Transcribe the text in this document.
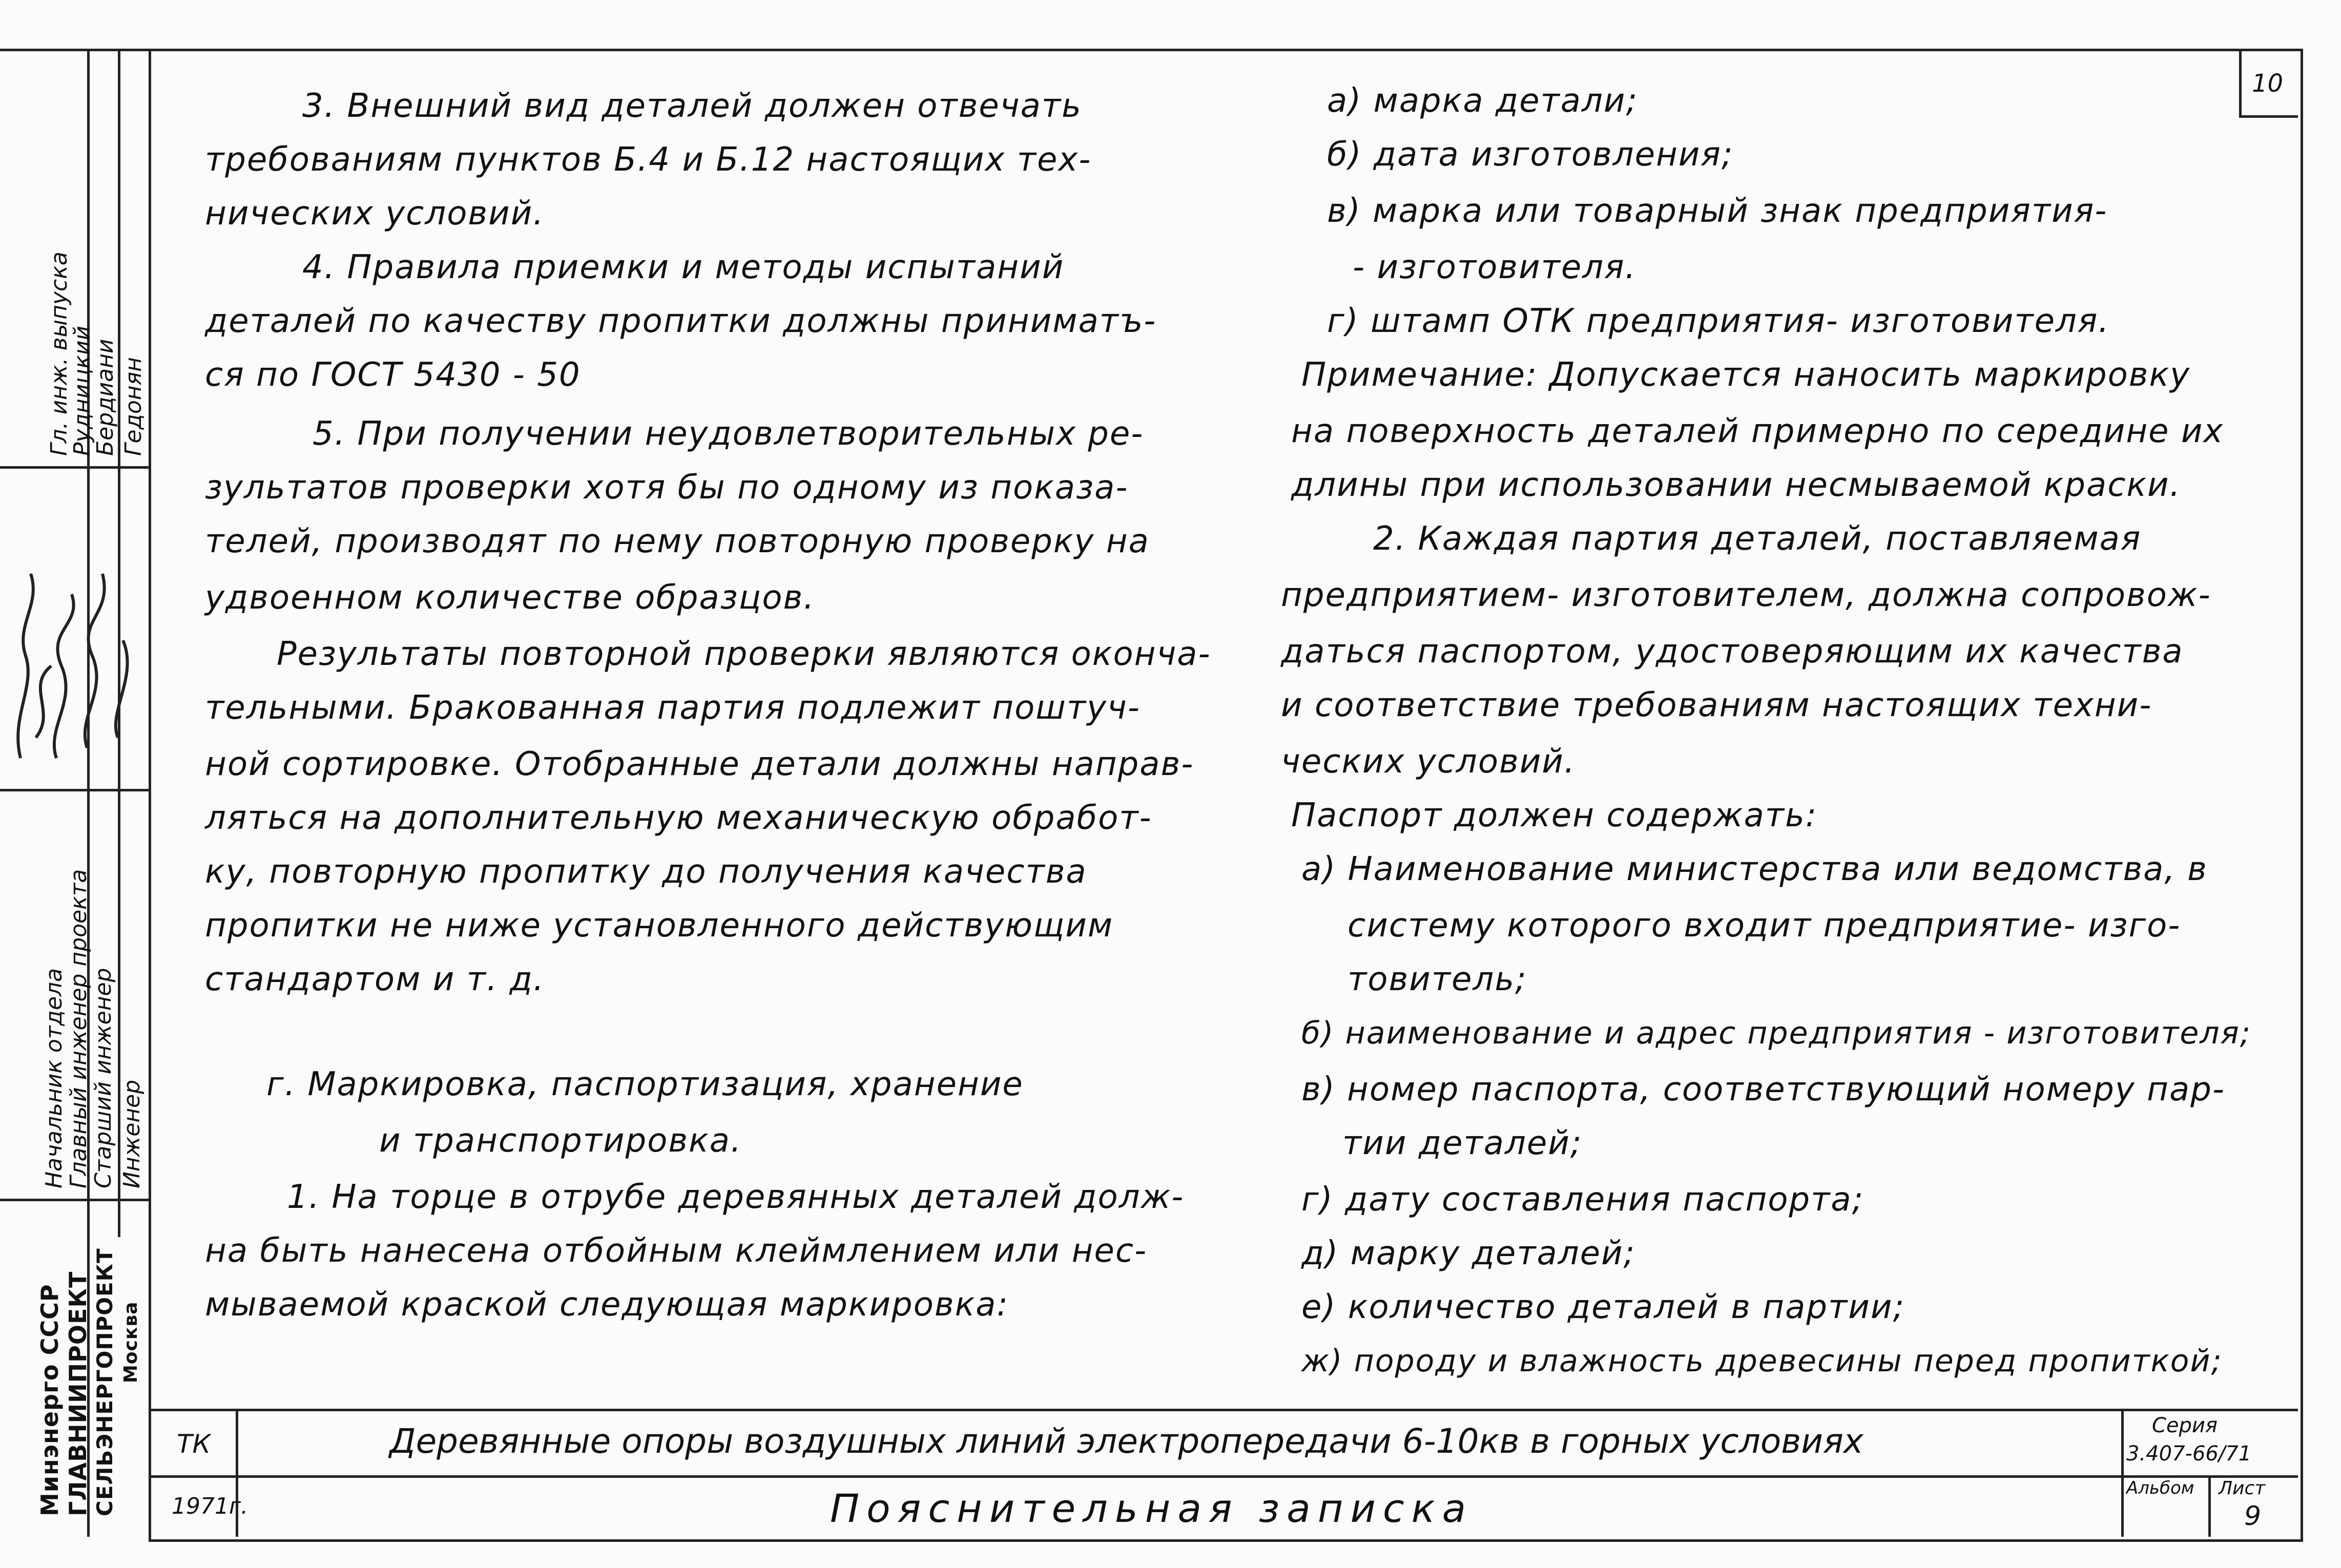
Гл. инж. выпуска
Рудницкий
Бердиани Гедонян
Начальник отдела
Главный инженер проекта
Старший инженер Инженер
Минэнерго СССР ГЛАВНИИПРОЕКТ СЕЛЬЭНЕРГОПРОЕКТ Москва
10
3. Внешний вид деталей должен отвечать
требованиям пунктов Б.4 и Б.12 настоящих тех-
нических условий.
4. Правила приемки и методы испытаний
деталей по качеству пропитки должны приниматъ-
ся по ГОСТ 5430 - 50
5. При получении неудовлетворительных ре-
зультатов проверки хотя бы по одному из показа-
телей, производят по нему повторную проверку на
удвоенном количестве образцов.
Результаты повторной проверки являются оконча-
тельными. Бракованная партия подлежит поштуч-
ной сортировке. Отобранные детали должны направ-
ляться на дополнительную механическую обработ-
ку, повторную пропитку до получения качества
пропитки не ниже установленного действующим
стандартом и т. д.
г. Маркировка, паспортизация, хранение
и транспортировка.
1. На торце в отрубе деревянных деталей долж-
на быть нанесена отбойным клеймлением или нес-
мываемой краской следующая маркировка:
а) марка детали;
б) дата изготовления;
в) марка или товарный знак предприятия-
- изготовителя.
г) штамп ОТК предприятия- изготовителя.
Примечание: Допускается наносить маркировку
на поверхность деталей примерно по середине их
длины при использовании несмываемой краски.
2. Каждая партия деталей, поставляемая
предприятием- изготовителем, должна сопровож-
даться паспортом, удостоверяющим их качества
и соответствие требованиям настоящих техни-
ческих условий.
Паспорт должен содержать:
а) Наименование министерства или ведомства, в
систему которого входит предприятие- изго-
товитель;
б) наименование и адрес предприятия - изготовителя;
в) номер паспорта, соответствующий номеру пар-
тии деталей;
г) дату составления паспорта;
д) марку деталей;
е) количество деталей в партии;
ж) породу и влажность древесины перед пропиткой;
ТК
1971г.
Деревянные опоры воздушных линий электропередачи 6-10кв в горных условиях
Пояснительная записка
Серия
3.407-66/71
Альбом Лист
9
